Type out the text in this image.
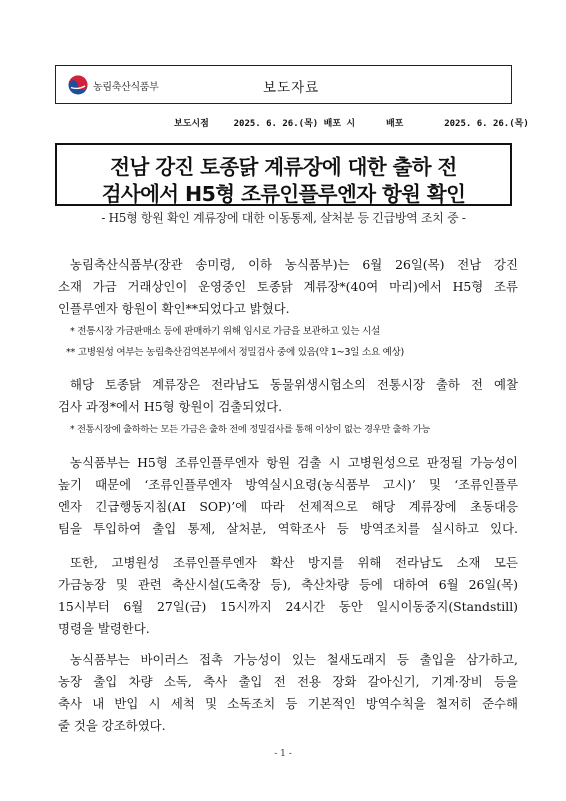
농림축산식품부	보도자료
보도시점	2025. 6. 26.(목) 배포 시	배포	2025. 6. 26.(목)
전남 강진 토종닭 계류장에 대한 출하 전
검사에서 H5형 조류인플루엔자 항원 확인
- H5형 항원 확인 계류장에 대한 이동통제, 살처분 등 긴급방역 조치 중 -
농림축산식품부(장관 송미령, 이하 농식품부)는 6월 26일(목) 전남 강진
소재 가금 거래상인이 운영중인 토종닭 계류장*(40여 마리)에서 H5형 조류
인플루엔자 항원이 확인**되었다고 밝혔다.
* 전통시장 가금판매소 등에 판매하기 위해 임시로 가금을 보관하고 있는 시설
** 고병원성 여부는 농림축산검역본부에서 정밀검사 중에 있음(약 1~3일 소요 예상)
해당 토종닭 계류장은 전라남도 동물위생시험소의 전통시장 출하 전 예찰
검사 과정*에서 H5형 항원이 검출되었다.
* 전통시장에 출하하는 모든 가금은 출하 전에 정밀검사를 통해 이상이 없는 경우만 출하 가능
농식품부는 H5형 조류인플루엔자 항원 검출 시 고병원성으로 판정될 가능성이
높기 때문에 ‘조류인플루엔자 방역실시요령(농식품부 고시)’ 및 ‘조류인플루
엔자 긴급행동지침(AI SOP)’에 따라 선제적으로 해당 계류장에 초동대응
팀을 투입하여 출입 통제, 살처분, 역학조사 등 방역조치를 실시하고 있다.
또한, 고병원성 조류인플루엔자 확산 방지를 위해 전라남도 소재 모든
가금농장 및 관련 축산시설(도축장 등), 축산차량 등에 대하여 6월 26일(목)
15시부터 6월 27일(금) 15시까지 24시간 동안 일시이동중지(Standstill)
명령을 발령한다.
농식품부는 바이러스 접촉 가능성이 있는 철새도래지 등 출입을 삼가하고,
농장 출입 차량 소독, 축사 출입 전 전용 장화 갈아신기, 기계·장비 등을
축사 내 반입 시 세척 및 소독조치 등 기본적인 방역수칙을 철저히 준수해
줄 것을 강조하였다.
- 1 -
